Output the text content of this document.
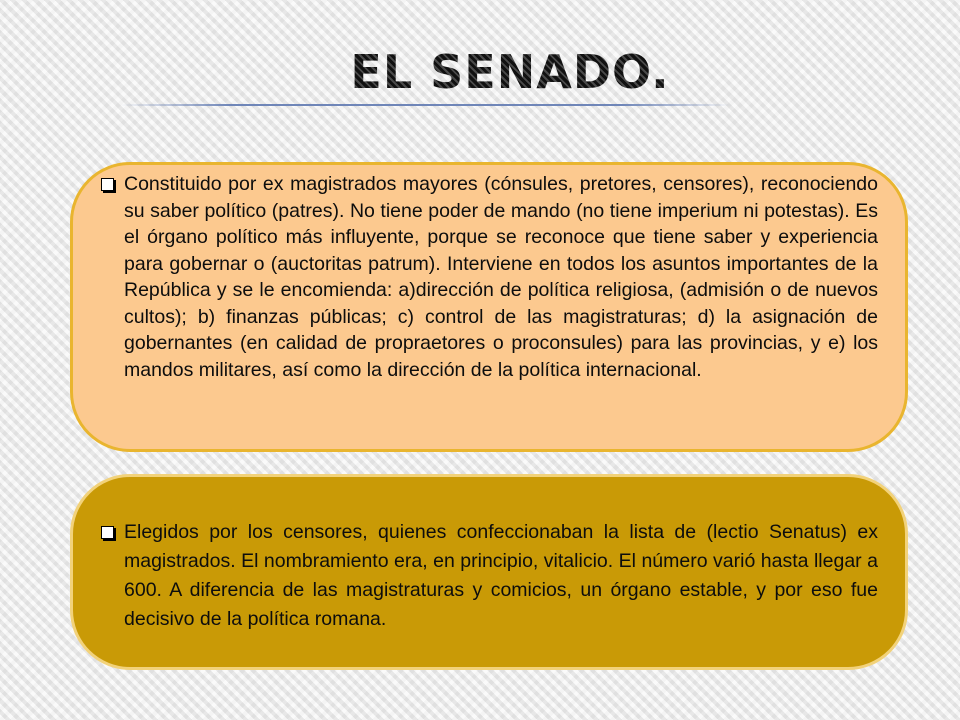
EL SENADO.
Constituido por ex magistrados mayores (cónsules, pretores, censores), reconociendo su saber político (patres). No tiene poder de mando (no tiene imperium ni potestas). Es el órgano político más influyente, porque se reconoce que tiene saber y experiencia para gobernar o (auctoritas patrum). Interviene en todos los asuntos importantes de la República y se le encomienda: a)dirección de política religiosa, (admisión o de nuevos cultos); b) finanzas públicas; c) control de las magistraturas; d) la asignación de gobernantes (en calidad de propraetores o proconsules) para las provincias, y e) los mandos militares, así como la dirección de la política internacional.
Elegidos por los censores, quienes confeccionaban la lista de (lectio Senatus) ex magistrados. El nombramiento era, en principio, vitalicio. El número varió hasta llegar a 600. A diferencia de las magistraturas y comicios, un órgano estable, y por eso fue decisivo de la política romana.
